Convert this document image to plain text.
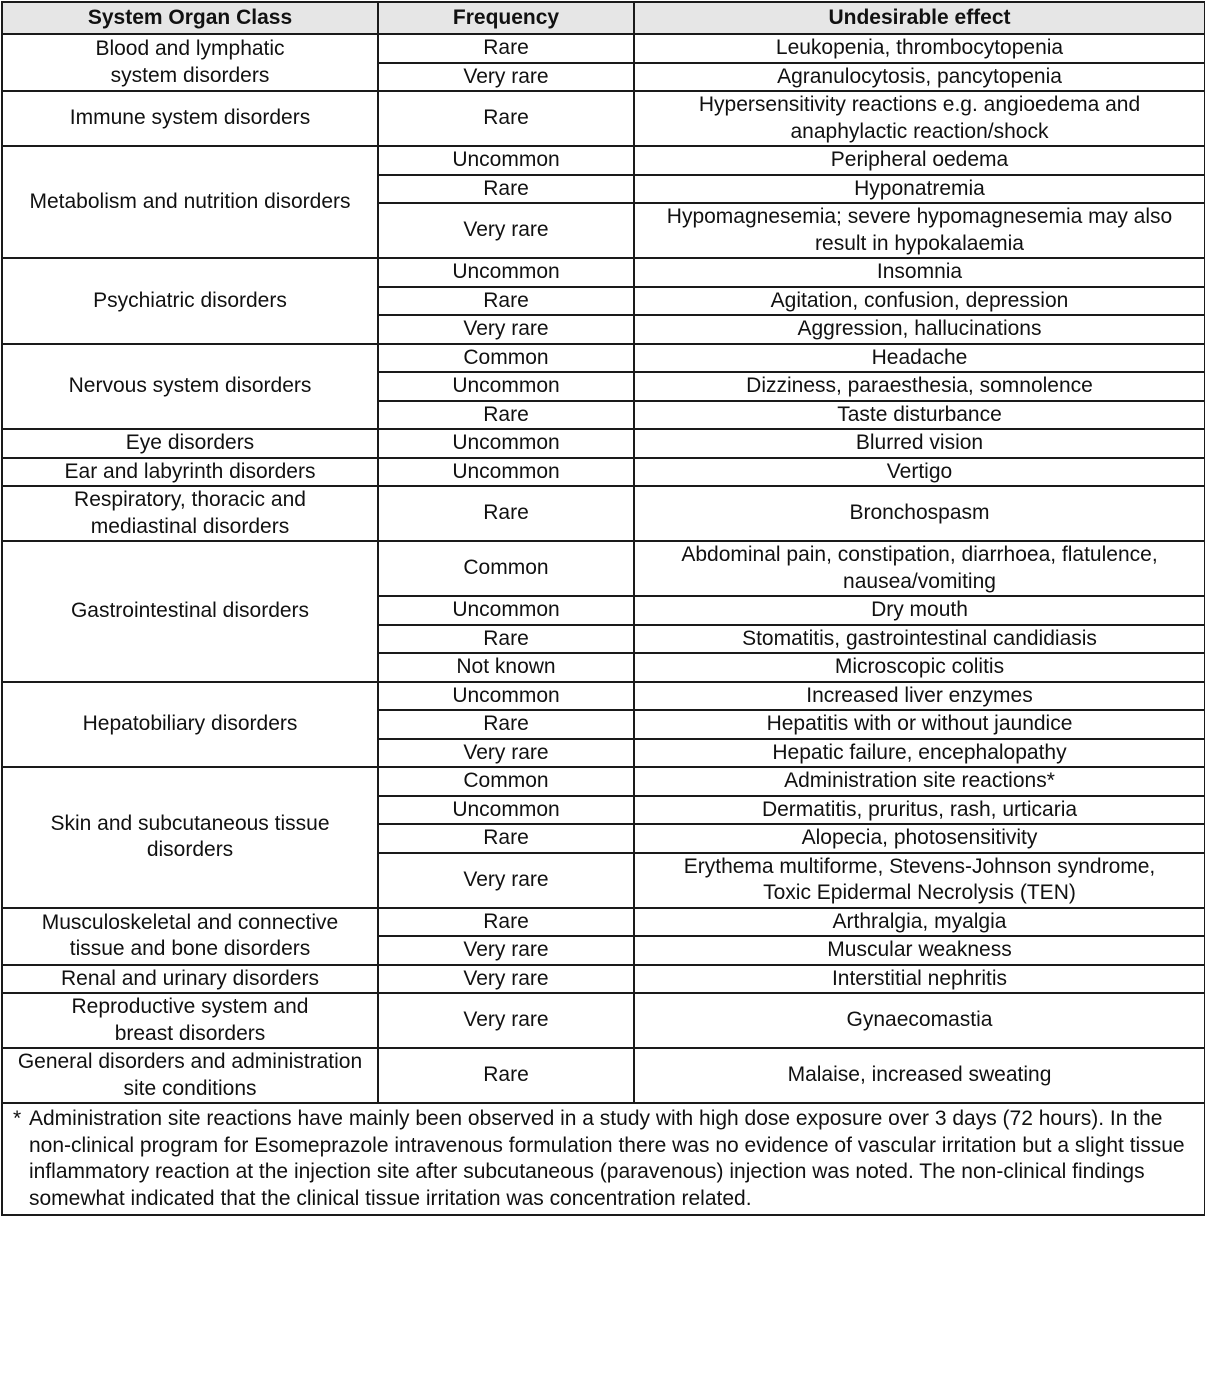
System Organ Class	Frequency	Undesirable effect
Blood and lymphatic
system disorders	Rare	Leukopenia, thrombocytopenia
	Very rare	Agranulocytosis, pancytopenia
Immune system disorders	Rare	Hypersensitivity reactions e.g. angioedema and
anaphylactic reaction/shock
Metabolism and nutrition disorders	Uncommon	Peripheral oedema
	Rare	Hyponatremia
	Very rare	Hypomagnesemia; severe hypomagnesemia may also
result in hypokalaemia
Psychiatric disorders	Uncommon	Insomnia
	Rare	Agitation, confusion, depression
	Very rare	Aggression, hallucinations
Nervous system disorders	Common	Headache
	Uncommon	Dizziness, paraesthesia, somnolence
	Rare	Taste disturbance
Eye disorders	Uncommon	Blurred vision
Ear and labyrinth disorders	Uncommon	Vertigo
Respiratory, thoracic and
mediastinal disorders	Rare	Bronchospasm
Gastrointestinal disorders	Common	Abdominal pain, constipation, diarrhoea, flatulence,
nausea/vomiting
	Uncommon	Dry mouth
	Rare	Stomatitis, gastrointestinal candidiasis
	Not known	Microscopic colitis
Hepatobiliary disorders	Uncommon	Increased liver enzymes
	Rare	Hepatitis with or without jaundice
	Very rare	Hepatic failure, encephalopathy
Skin and subcutaneous tissue
disorders	Common	Administration site reactions*
	Uncommon	Dermatitis, pruritus, rash, urticaria
	Rare	Alopecia, photosensitivity
	Very rare	Erythema multiforme, Stevens-Johnson syndrome,
Toxic Epidermal Necrolysis (TEN)
Musculoskeletal and connective
tissue and bone disorders	Rare	Arthralgia, myalgia
	Very rare	Muscular weakness
Renal and urinary disorders	Very rare	Interstitial nephritis
Reproductive system and
breast disorders	Very rare	Gynaecomastia
General disorders and administration
site conditions	Rare	Malaise, increased sweating

* Administration site reactions have mainly been observed in a study with high dose exposure over 3 days (72 hours). In the non-clinical program for Esomeprazole intravenous formulation there was no evidence of vascular irritation but a slight tissue inflammatory reaction at the injection site after subcutaneous (paravenous) injection was noted. The non-clinical findings somewhat indicated that the clinical tissue irritation was concentration related.		
